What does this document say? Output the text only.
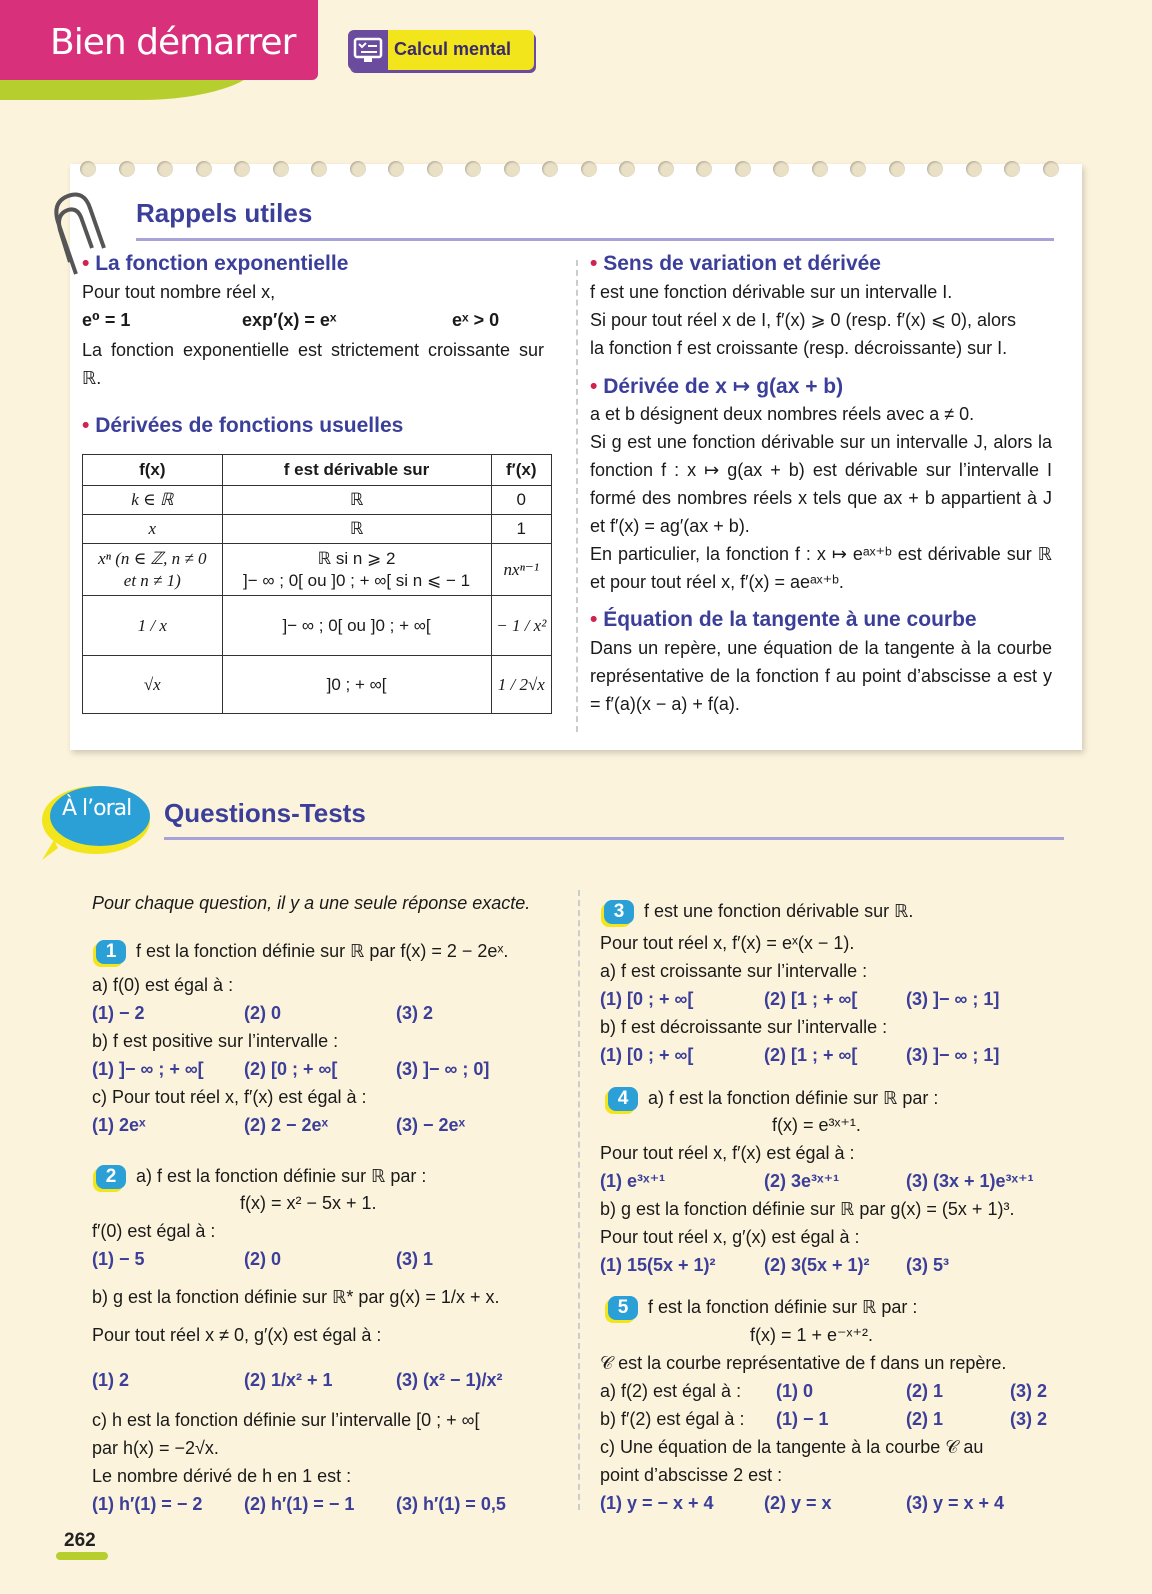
Bien démarrer	Calcul mental
Rappels utiles
• La fonction exponentielle
Pour tout nombre réel x,
e⁰ = 1	exp′(x) = eˣ	eˣ > 0
La fonction exponentielle est strictement croissante sur ℝ.
• Dérivées de fonctions usuelles
f(x)	f est dérivable sur	f′(x)
k ∈ ℝ	ℝ	0
x	ℝ	1
xⁿ (n ∈ ℤ, n ≠ 0
et n ≠ 1)	ℝ si n ⩾ 2
]− ∞ ; 0[ ou ]0 ; + ∞[ si n ⩽ − 1	nxⁿ⁻¹
1 / x	]− ∞ ; 0[ ou ]0 ; + ∞[	− 1 / x²
√x	]0 ; + ∞[	1 / 2√x
• Sens de variation et dérivée
f est une fonction dérivable sur un intervalle I.
Si pour tout réel x de I, f′(x) ⩾ 0 (resp. f′(x) ⩽ 0), alors
la fonction f est croissante (resp. décroissante) sur I.
• Dérivée de x ↦ g(ax + b)
a et b désignent deux nombres réels avec a ≠ 0.
Si g est une fonction dérivable sur un intervalle J, alors la fonction f : x ↦ g(ax + b) est dérivable sur l’intervalle I formé des nombres réels x tels que ax + b appartient à J et f′(x) = ag′(ax + b).
En particulier, la fonction f : x ↦ eᵃˣ⁺ᵇ est dérivable sur ℝ et pour tout réel x, f′(x) = aeᵃˣ⁺ᵇ.
• Équation de la tangente à une courbe
Dans un repère, une équation de la tangente à la courbe représentative de la fonction f au point d’abscisse a est y = f′(a)(x − a) + f(a).
À l’oral Questions-Tests
Pour chaque question, il y a une seule réponse exacte.
1 f est la fonction définie sur ℝ par f(x) = 2 − 2eˣ.
a) f(0) est égal à :
(1) − 2	(2) 0	(3) 2
b) f est positive sur l’intervalle :
(1) ]− ∞ ; + ∞[ (2) [0 ; + ∞[	(3) ]− ∞ ; 0]
c) Pour tout réel x, f′(x) est égal à :
(1) 2eˣ	(2) 2 − 2eˣ	(3) − 2eˣ
2 a) f est la fonction définie sur ℝ par :
f(x) = x² − 5x + 1.
f′(0) est égal à :
(1) − 5	(2) 0	(3) 1
b) g est la fonction définie sur ℝ* par g(x) = 1/x + x.
Pour tout réel x ≠ 0, g′(x) est égal à :
(1) 2	(2) 1/x² + 1	(3) (x² − 1)/x²
c) h est la fonction définie sur l’intervalle [0 ; + ∞[
par h(x) = −2√x.
Le nombre dérivé de h en 1 est :
(1) h′(1) = − 2 (2) h′(1) = − 1 (3) h′(1) = 0,5
3 f est une fonction dérivable sur ℝ.
Pour tout réel x, f′(x) = eˣ(x − 1).
a) f est croissante sur l’intervalle :
(1) [0 ; + ∞[	(2) [1 ; + ∞[	(3) ]− ∞ ; 1]
b) f est décroissante sur l’intervalle :
(1) [0 ; + ∞[	(2) [1 ; + ∞[	(3) ]− ∞ ; 1]
4 a) f est la fonction définie sur ℝ par :
f(x) = e³ˣ⁺¹.
Pour tout réel x, f′(x) est égal à :
(1) e³ˣ⁺¹	(2) 3e³ˣ⁺¹	(3) (3x + 1)e³ˣ⁺¹
b) g est la fonction définie sur ℝ par g(x) = (5x + 1)³.
Pour tout réel x, g′(x) est égal à :
(1) 15(5x + 1)²	(2) 3(5x + 1)² (3) 5³
5 f est la fonction définie sur ℝ par :
f(x) = 1 + e⁻ˣ⁺².
𝒞 est la courbe représentative de f dans un repère.
a) f(2) est égal à : (1) 0	(2) 1	(3) 2
b) f′(2) est égal à : (1) − 1	(2) 1	(3) 2
c) Une équation de la tangente à la courbe 𝒞 au
point d’abscisse 2 est :
(1) y = − x + 4	(2) y = x	(3) y = x + 4
262
